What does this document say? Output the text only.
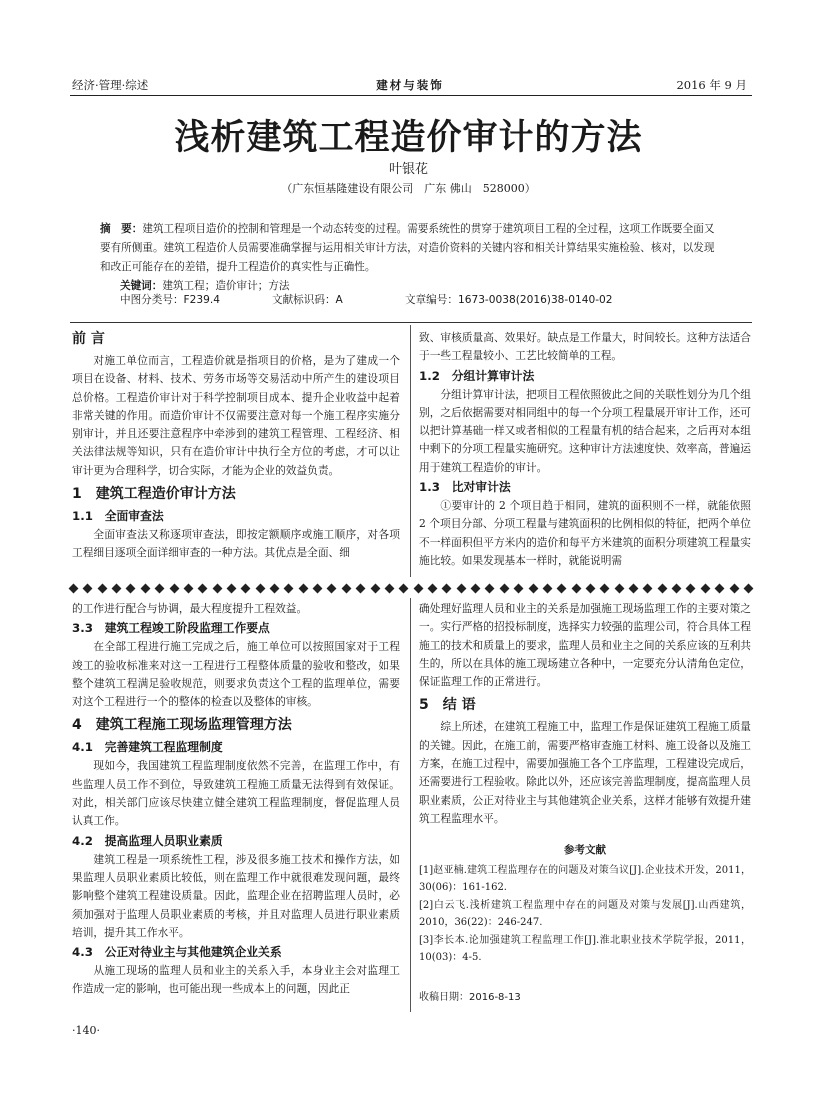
经济·管理·综述	建材与装饰	2016 年 9 月
浅析建筑工程造价审计的方法
叶银花
（广东恒基隆建设有限公司　广东 佛山　528000）
摘　要：建筑工程项目造价的控制和管理是一个动态转变的过程。需要系统性的贯穿于建筑项目工程的全过程，这项工作既要全面又要有所侧重。建筑工程造价人员需要准确掌握与运用相关审计方法，对造价资料的关键内容和相关计算结果实施检验、核对，以发现和改正可能存在的差错，提升工程造价的真实性与正确性。
关键词：建筑工程；造价审计；方法
中图分类号：F239.4	文献标识码：A	文章编号：1673-0038(2016)38-0140-02
前 言

对施工单位而言，工程造价就是指项目的价格，是为了建成一个项目在设备、材料、技术、劳务市场等交易活动中所产生的建设项目总价格。工程造价审计对于科学控制项目成本、提升企业收益中起着非常关键的作用。而造价审计不仅需要注意对每一个施工程序实施分别审计，并且还要注意程序中牵涉到的建筑工程管理、工程经济、相关法律法规等知识，只有在造价审计中执行全方位的考虑，才可以让审计更为合理科学，切合实际，才能为企业的效益负责。

1　建筑工程造价审计方法
1.1　全面审查法

全面审查法又称逐项审查法，即按定额顺序或施工顺序，对各项工程细目逐项全面详细审查的一种方法。其优点是全面、细

致、审核质量高、效果好。缺点是工作量大，时间较长。这种方法适合于一些工程量较小、工艺比较简单的工程。

1.2　分组计算审计法

分组计算审计法，把项目工程依照彼此之间的关联性划分为几个组别，之后依据需要对相同组中的每一个分项工程量展开审计工作，还可以把计算基础一样又或者相似的工程量有机的结合起来，之后再对本组中剩下的分项工程量实施研究。这种审计方法速度快、效率高，普遍运用于建筑工程造价的审计。

1.3　比对审计法

①要审计的 2 个项目趋于相同，建筑的面积则不一样，就能依照 2 个项目分部、分项工程量与建筑面积的比例相似的特征，把两个单位不一样面积但平方米内的造价和每平方米建筑的面积分项建筑工程量实施比较。如果发现基本一样时，就能说明需

的工作进行配合与协调，最大程度提升工程效益。

3.3　建筑工程竣工阶段监理工作要点

在全部工程进行施工完成之后，施工单位可以按照国家对于工程竣工的验收标准来对这一工程进行工程整体质量的验收和整改，如果整个建筑工程满足验收规范，则要求负责这个工程的监理单位，需要对这个工程进行一个的整体的检查以及整体的审核。

4　建筑工程施工现场监理管理方法
4.1　完善建筑工程监理制度

现如今，我国建筑工程监理制度依然不完善，在监理工作中，有些监理人员工作不到位，导致建筑工程施工质量无法得到有效保证。对此，相关部门应该尽快建立健全建筑工程监理制度，督促监理人员认真工作。

4.2　提高监理人员职业素质

建筑工程是一项系统性工程，涉及很多施工技术和操作方法，如果监理人员职业素质比较低，则在监理工作中就很难发现问题，最终影响整个建筑工程建设质量。因此，监理企业在招聘监理人员时，必须加强对于监理人员职业素质的考核，并且对监理人员进行职业素质培训，提升其工作水平。

4.3　公正对待业主与其他建筑企业关系

从施工现场的监理人员和业主的关系入手，本身业主会对监理工作造成一定的影响，也可能出现一些成本上的问题，因此正

确处理好监理人员和业主的关系是加强施工现场监理工作的主要对策之一。实行严格的招投标制度，选择实力较强的监理公司，符合具体工程施工的技术和质量上的要求，监理人员和业主之间的关系应该的互利共生的，所以在具体的施工现场建立各种中，一定要充分认清角色定位，保证监理工作的正常进行。

5　结 语

综上所述，在建筑工程施工中，监理工作是保证建筑工程施工质量的关键。因此，在施工前，需要严格审查施工材料、施工设备以及施工方案，在施工过程中，需要加强施工各个工序监理，工程建设完成后，还需要进行工程验收。除此以外，还应该完善监理制度，提高监理人员职业素质，公正对待业主与其他建筑企业关系，这样才能够有效提升建筑工程监理水平。

参考文献
[1]赵亚楠.建筑工程监理存在的问题及对策刍议[J].企业技术开发，2011，30(06)：161-162.
[2]白云飞.浅析建筑工程监理中存在的问题及对策与发展[J].山西建筑，2010，36(22)：246-247.
[3]李长本.论加强建筑工程监理工作[J].淮北职业技术学院学报，2011，10(03)：4-5.
收稿日期：2016-8-13
·140·
